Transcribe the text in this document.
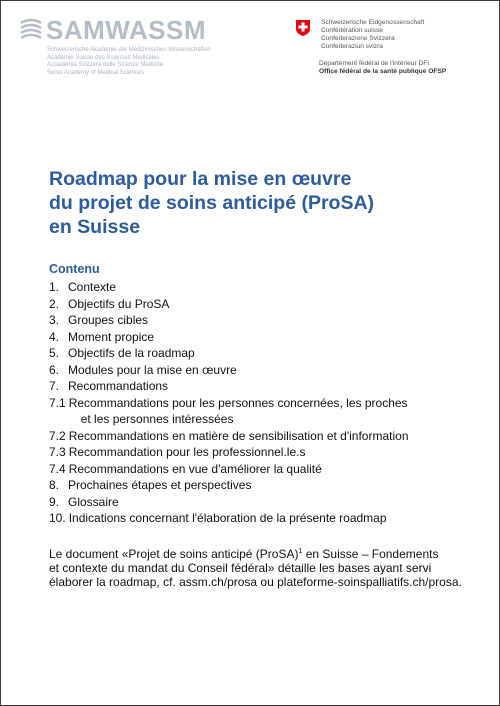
SAMWASSM
Schweizerische Akademie der Medizinischen Wissenschaften
Académie Suisse des Sciences Médicales
Accademia Svizzera delle Scienze Mediche
Swiss Academy of Medical Sciences
Schweizerische Eidgenossenschaft
Confédération suisse
Confederazione Svizzera
Confederaziun svizra
Département fédéral de l'intérieur DFI
Office fédéral de la santé publique OFSP
Roadmap pour la mise en œuvre
du projet de soins anticipé (ProSA)
en Suisse
Contenu
1. Contexte
2. Objectifs du ProSA
3. Groupes cibles
4. Moment propice
5. Objectifs de la roadmap
6. Modules pour la mise en œuvre
7. Recommandations
7.1 Recommandations pour les personnes concernées, les proches
et les personnes intéressées
7.2 Recommandations en matière de sensibilisation et d'information
7.3 Recommandation pour les professionnel.le.s
7.4 Recommandations en vue d'améliorer la qualité
8. Prochaines étapes et perspectives
9. Glossaire
10. Indications concernant l'élaboration de la présente roadmap
Le document «Projet de soins anticipé (ProSA)$^1$ en Suisse – Fondements
et contexte du mandat du Conseil fédéral» détaille les bases ayant servi
élaborer la roadmap, cf. assm.ch/prosa ou plateforme-soinspalliatifs.ch/prosa.
